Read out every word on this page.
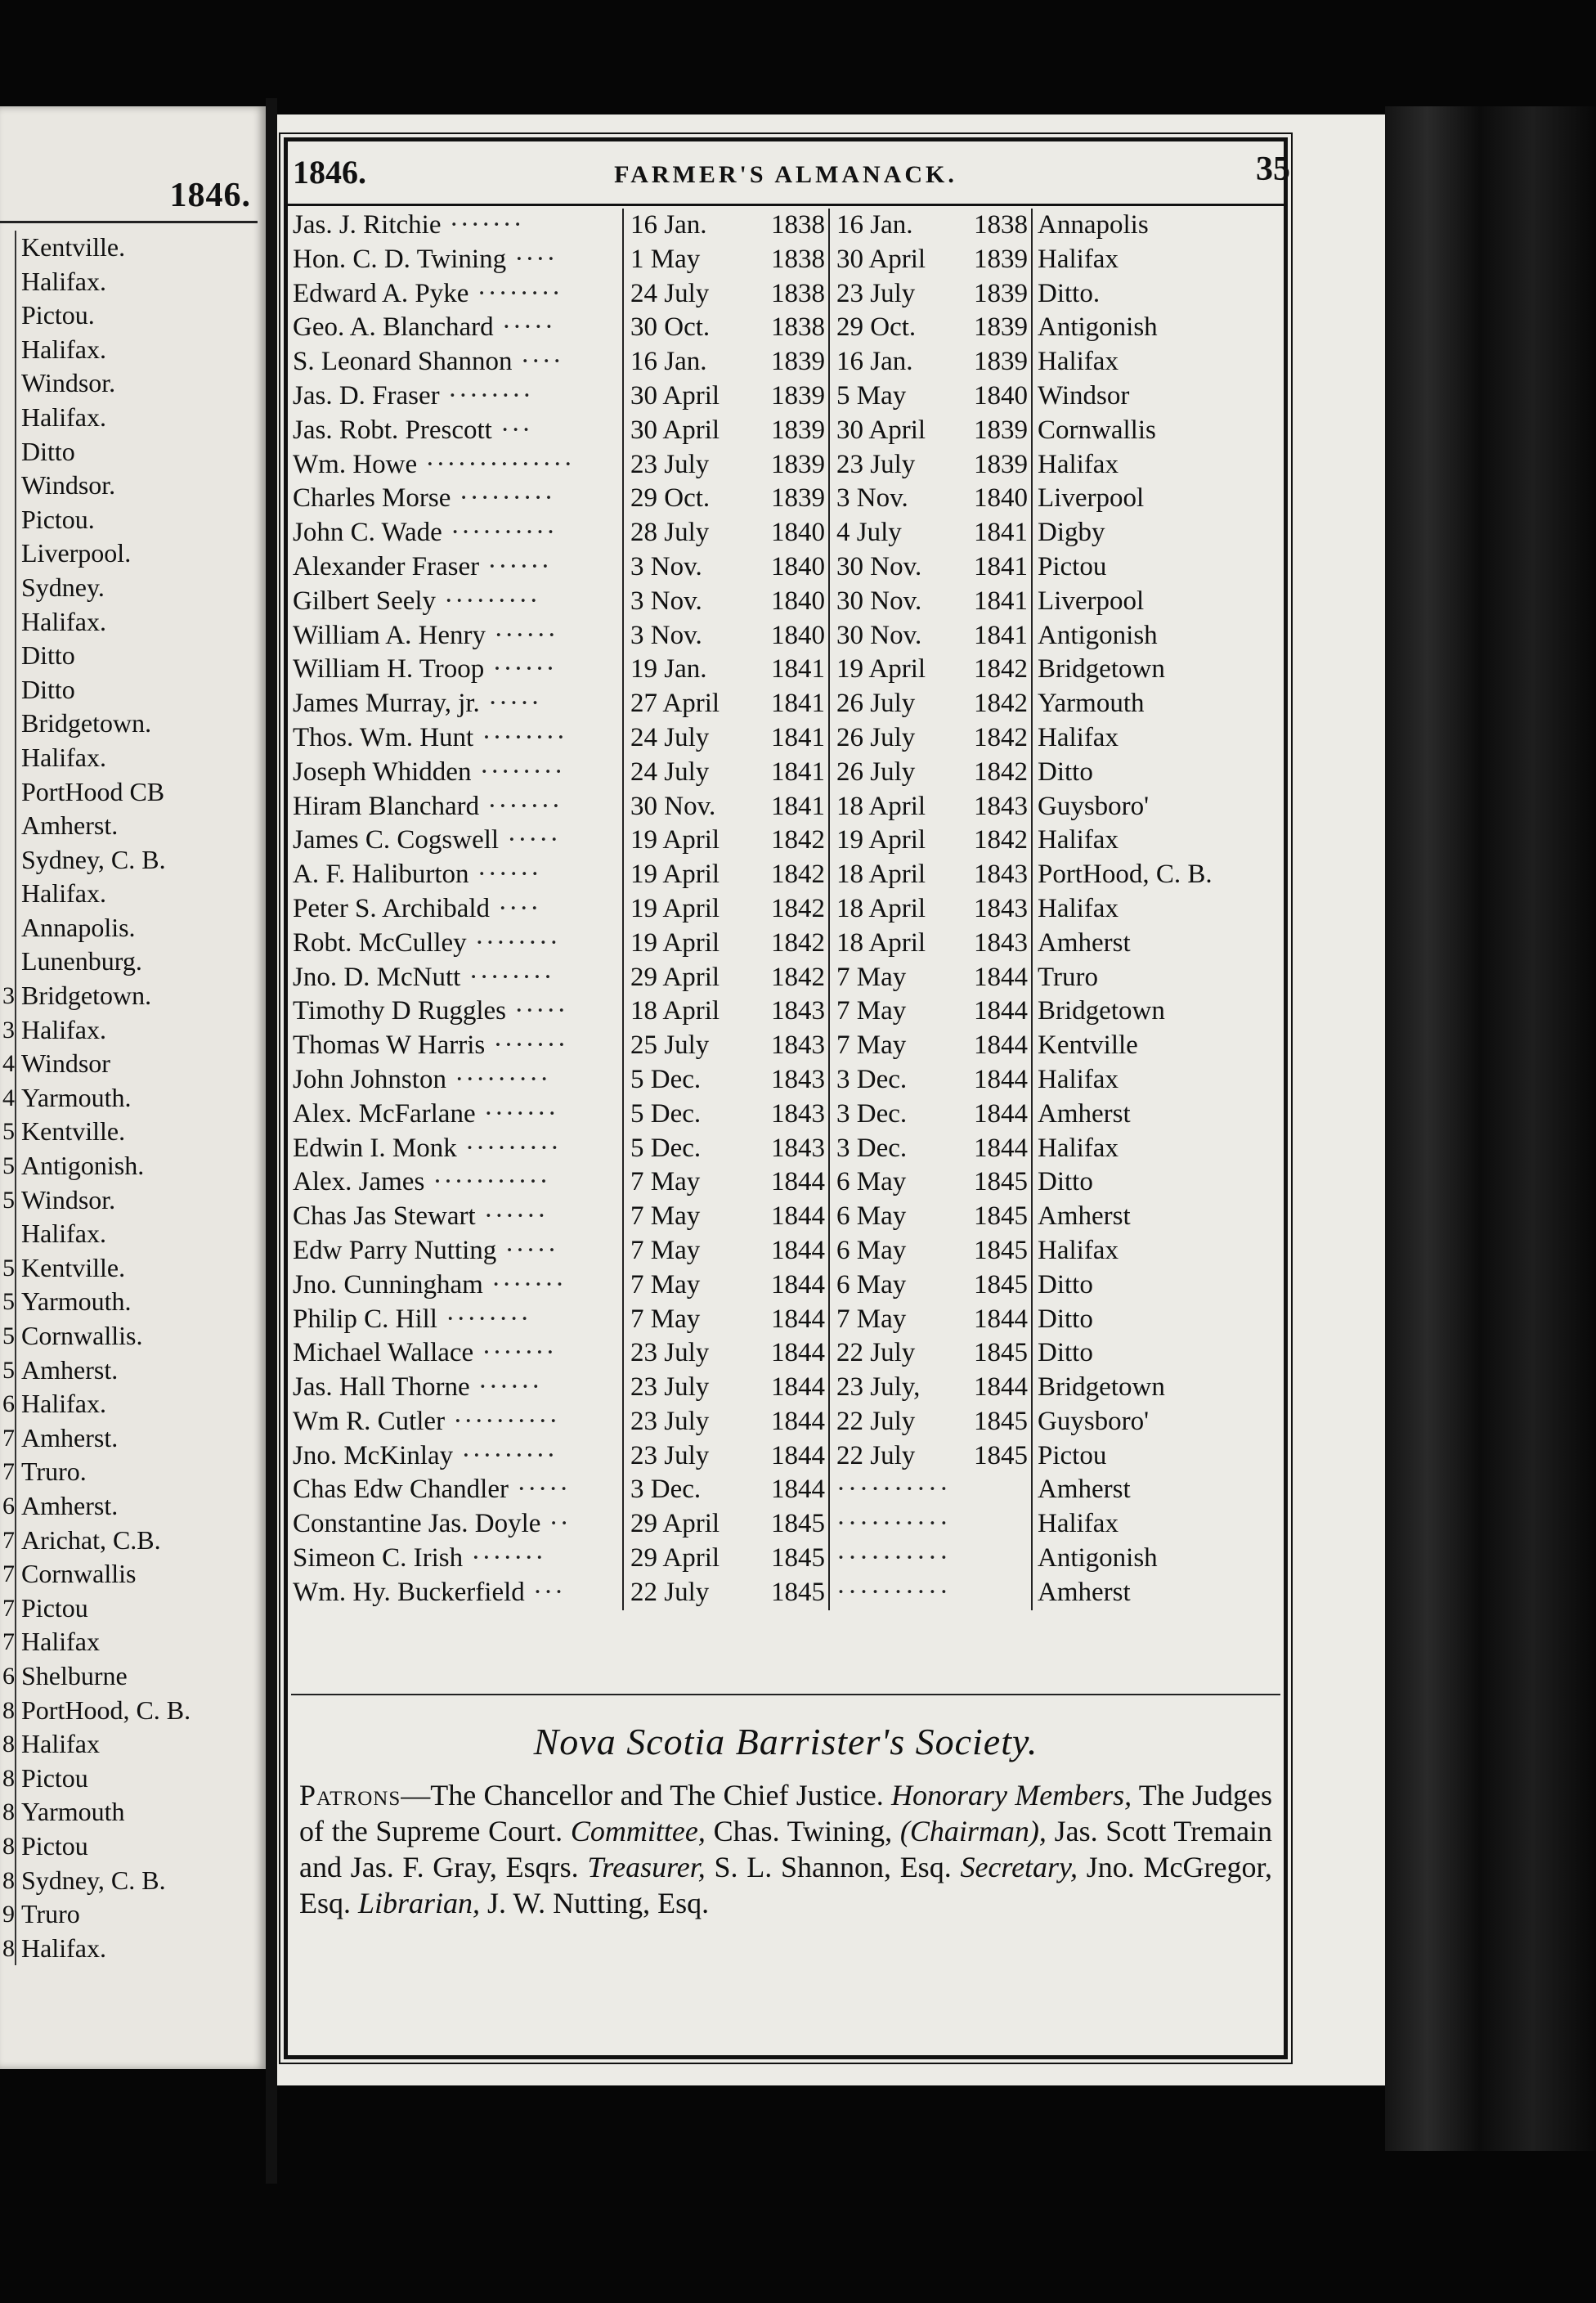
1846.
Kentville.
Halifax.
Pictou.
Halifax.
Windsor.
Halifax.
Ditto
Windsor.
Pictou.
Liverpool.
Sydney.
Halifax.
Ditto
Ditto
Bridgetown.
Halifax.
PortHood CB
Amherst.
Sydney, C. B.
Halifax.
Annapolis.
Lunenburg.
3 Bridgetown.
3 Halifax.
4 Windsor
4 Yarmouth.
5 Kentville.
5 Antigonish.
5 Windsor.
Halifax.
5 Kentville.
5 Yarmouth.
5 Cornwallis.
5 Amherst.
6 Halifax.
7 Amherst.
7 Truro.
6 Amherst.
7 Arichat, C.B.
7 Cornwallis
7 Pictou
7 Halifax
6 Shelburne
8 PortHood, C. B.
8 Halifax
8 Pictou
8 Yarmouth
8 Pictou
8 Sydney, C. B.
9 Truro
8 Halifax.
1846.	FARMER'S ALMANACK.	35
Jas. J. Ritchie ·······	16 Jan.	1838 16 Jan.	1838 Annapolis
Hon. C. D. Twining ····	1 May	1838 30 April	1839 Halifax
Edward A. Pyke ········	24 July	1838 23 July	1839 Ditto.
Geo. A. Blanchard ·····	30 Oct.	1838 29 Oct.	1839 Antigonish
S. Leonard Shannon ····	16 Jan.	1839 16 Jan.	1839 Halifax
Jas. D. Fraser ········	30 April	1839 5 May	1840 Windsor
Jas. Robt. Prescott ···	30 April	1839 30 April	1839 Cornwallis
Wm. Howe ··············	23 July	1839 23 July	1839 Halifax
Charles Morse ·········	29 Oct.	1839 3 Nov.	1840 Liverpool
John C. Wade ··········	28 July	1840 4 July	1841 Digby
Alexander Fraser ······	3 Nov.	1840 30 Nov.	1841 Pictou
Gilbert Seely ·········	3 Nov.	1840 30 Nov.	1841 Liverpool
William A. Henry ······	3 Nov.	1840 30 Nov.	1841 Antigonish
William H. Troop ······	19 Jan.	1841 19 April	1842 Bridgetown
James Murray, jr. ·····	27 April	1841 26 July	1842 Yarmouth
Thos. Wm. Hunt ········	24 July	1841 26 July	1842 Halifax
Joseph Whidden ········	24 July	1841 26 July	1842 Ditto
Hiram Blanchard ·······	30 Nov.	1841 18 April	1843 Guysboro'
James C. Cogswell ·····	19 April	1842 19 April	1842 Halifax
A. F. Haliburton ······	19 April	1842 18 April	1843 PortHood, C. B.
Peter S. Archibald ····	19 April	1842 18 April	1843 Halifax
Robt. McCulley ········	19 April	1842 18 April	1843 Amherst
Jno. D. McNutt ········	29 April	1842 7 May	1844 Truro
Timothy D Ruggles ·····	18 April	1843 7 May	1844 Bridgetown
Thomas W Harris ·······	25 July	1843 7 May	1844 Kentville
John Johnston ·········	5 Dec.	1843 3 Dec.	1844 Halifax
Alex. McFarlane ·······	5 Dec.	1843 3 Dec.	1844 Amherst
Edwin I. Monk ·········	5 Dec.	1843 3 Dec.	1844 Halifax
Alex. James ···········	7 May	1844 6 May	1845 Ditto
Chas Jas Stewart ······	7 May	1844 6 May	1845 Amherst
Edw Parry Nutting ·····	7 May	1844 6 May	1845 Halifax
Jno. Cunningham ·······	7 May	1844 6 May	1845 Ditto
Philip C. Hill ········	7 May	1844 7 May	1844 Ditto
Michael Wallace ·······	23 July	1844 22 July	1845 Ditto
Jas. Hall Thorne ······	23 July	1844 23 July,	1844 Bridgetown
Wm R. Cutler ··········	23 July	1844 22 July	1845 Guysboro'
Jno. McKinlay ·········	23 July	1844 22 July	1845 Pictou
Chas Edw Chandler ·····	3 Dec.	1844 ··········	Amherst
Constantine Jas. Doyle ··	29 April	1845 ··········	Halifax
Simeon C. Irish ·······	29 April	1845 ··········	Antigonish
Wm. Hy. Buckerfield ···	22 July	1845 ··········	Amherst
Nova Scotia Barrister's Society.
Patrons—The Chancellor and The Chief Justice. Honorary Members, The Judges of the Supreme Court. Committee, Chas. Twining, (Chairman), Jas. Scott Tremain and Jas. F. Gray, Esqrs. Treasurer, S. L. Shannon, Esq. Secretary, Jno. McGregor, Esq. Librarian, J. W. Nutting, Esq.
